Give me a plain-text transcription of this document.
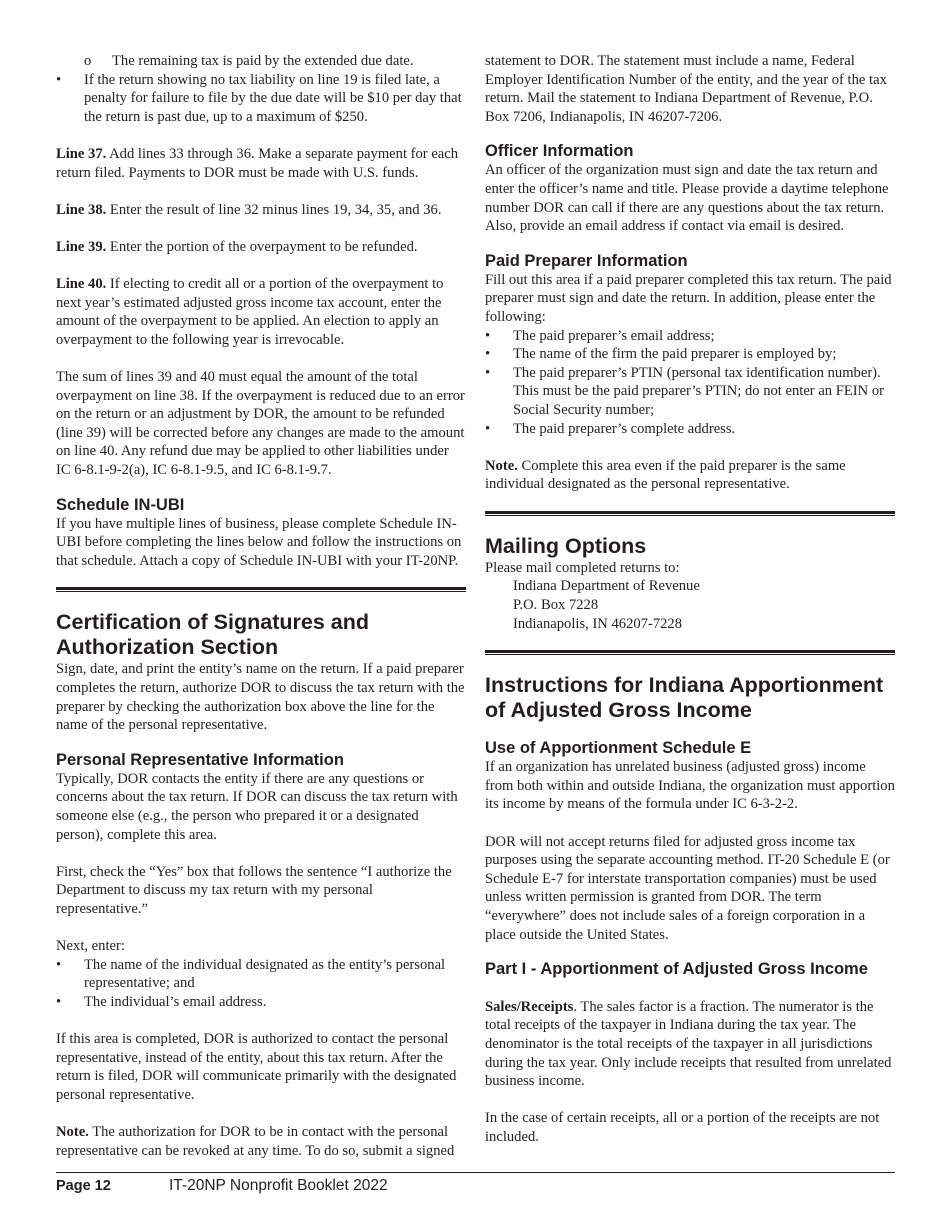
o The remaining tax is paid by the extended due date.
• If the return showing no tax liability on line 19 is filed late, a penalty for failure to file by the due date will be $10 per day that the return is past due, up to a maximum of $250.

Line 37. Add lines 33 through 36. Make a separate payment for each return filed. Payments to DOR must be made with U.S. funds.

Line 38. Enter the result of line 32 minus lines 19, 34, 35, and 36.

Line 39. Enter the portion of the overpayment to be refunded.

Line 40. If electing to credit all or a portion of the overpayment to next year’s estimated adjusted gross income tax account, enter the amount of the overpayment to be applied. An election to apply an overpayment to the following year is irrevocable.

The sum of lines 39 and 40 must equal the amount of the total overpayment on line 38. If the overpayment is reduced due to an error on the return or an adjustment by DOR, the amount to be refunded (line 39) will be corrected before any changes are made to the amount on line 40. Any refund due may be applied to other liabilities under IC 6-8.1-9-2(a), IC 6-8.1-9.5, and IC 6-8.1-9.7.

Schedule IN-UBI

If you have multiple lines of business, please complete Schedule IN-UBI before completing the lines below and follow the instructions on that schedule. Attach a copy of Schedule IN-UBI with your IT-20NP.

Certification of Signatures and Authorization Section

Sign, date, and print the entity’s name on the return. If a paid preparer completes the return, authorize DOR to discuss the tax return with the preparer by checking the authorization box above the line for the name of the personal representative.

Personal Representative Information

Typically, DOR contacts the entity if there are any questions or concerns about the tax return. If DOR can discuss the tax return with someone else (e.g., the person who prepared it or a designated person), complete this area.

First, check the “Yes” box that follows the sentence “I authorize the Department to discuss my tax return with my personal representative.”

Next, enter:

• The name of the individual designated as the entity’s personal representative; and
• The individual’s email address.

If this area is completed, DOR is authorized to contact the personal representative, instead of the entity, about this tax return. After the return is filed, DOR will communicate primarily with the designated personal representative.

Note. The authorization for DOR to be in contact with the personal representative can be revoked at any time. To do so, submit a signed

statement to DOR. The statement must include a name, Federal Employer Identification Number of the entity, and the year of the tax return. Mail the statement to Indiana Department of Revenue, P.O. Box 7206, Indianapolis, IN 46207-7206.

Officer Information

An officer of the organization must sign and date the tax return and enter the officer’s name and title. Please provide a daytime telephone number DOR can call if there are any questions about the tax return. Also, provide an email address if contact via email is desired.

Paid Preparer Information

Fill out this area if a paid preparer completed this tax return. The paid preparer must sign and date the return. In addition, please enter the following:

• The paid preparer’s email address;
• The name of the firm the paid preparer is employed by;
• The paid preparer’s PTIN (personal tax identification number). This must be the paid preparer’s PTIN; do not enter an FEIN or Social Security number;
• The paid preparer’s complete address.

Note. Complete this area even if the paid preparer is the same individual designated as the personal representative.

Mailing Options

Please mail completed returns to:

Indiana Department of Revenue

P.O. Box 7228

Indianapolis, IN 46207-7228

Instructions for Indiana Apportionment of Adjusted Gross Income
Use of Apportionment Schedule E

If an organization has unrelated business (adjusted gross) income from both within and outside Indiana, the organization must apportion its income by means of the formula under IC 6-3-2-2.

DOR will not accept returns filed for adjusted gross income tax purposes using the separate accounting method. IT-20 Schedule E (or Schedule E-7 for interstate transportation companies) must be used unless written permission is granted from DOR. The term “everywhere” does not include sales of a foreign corporation in a place outside the United States.

Part I - Apportionment of Adjusted Gross Income

Sales/Receipts. The sales factor is a fraction. The numerator is the total receipts of the taxpayer in Indiana during the tax year. The denominator is the total receipts of the taxpayer in all jurisdictions during the tax year. Only include receipts that resulted from unrelated business income.

In the case of certain receipts, all or a portion of the receipts are not included.

Page 12	IT-20NP Nonprofit Booklet 2022
